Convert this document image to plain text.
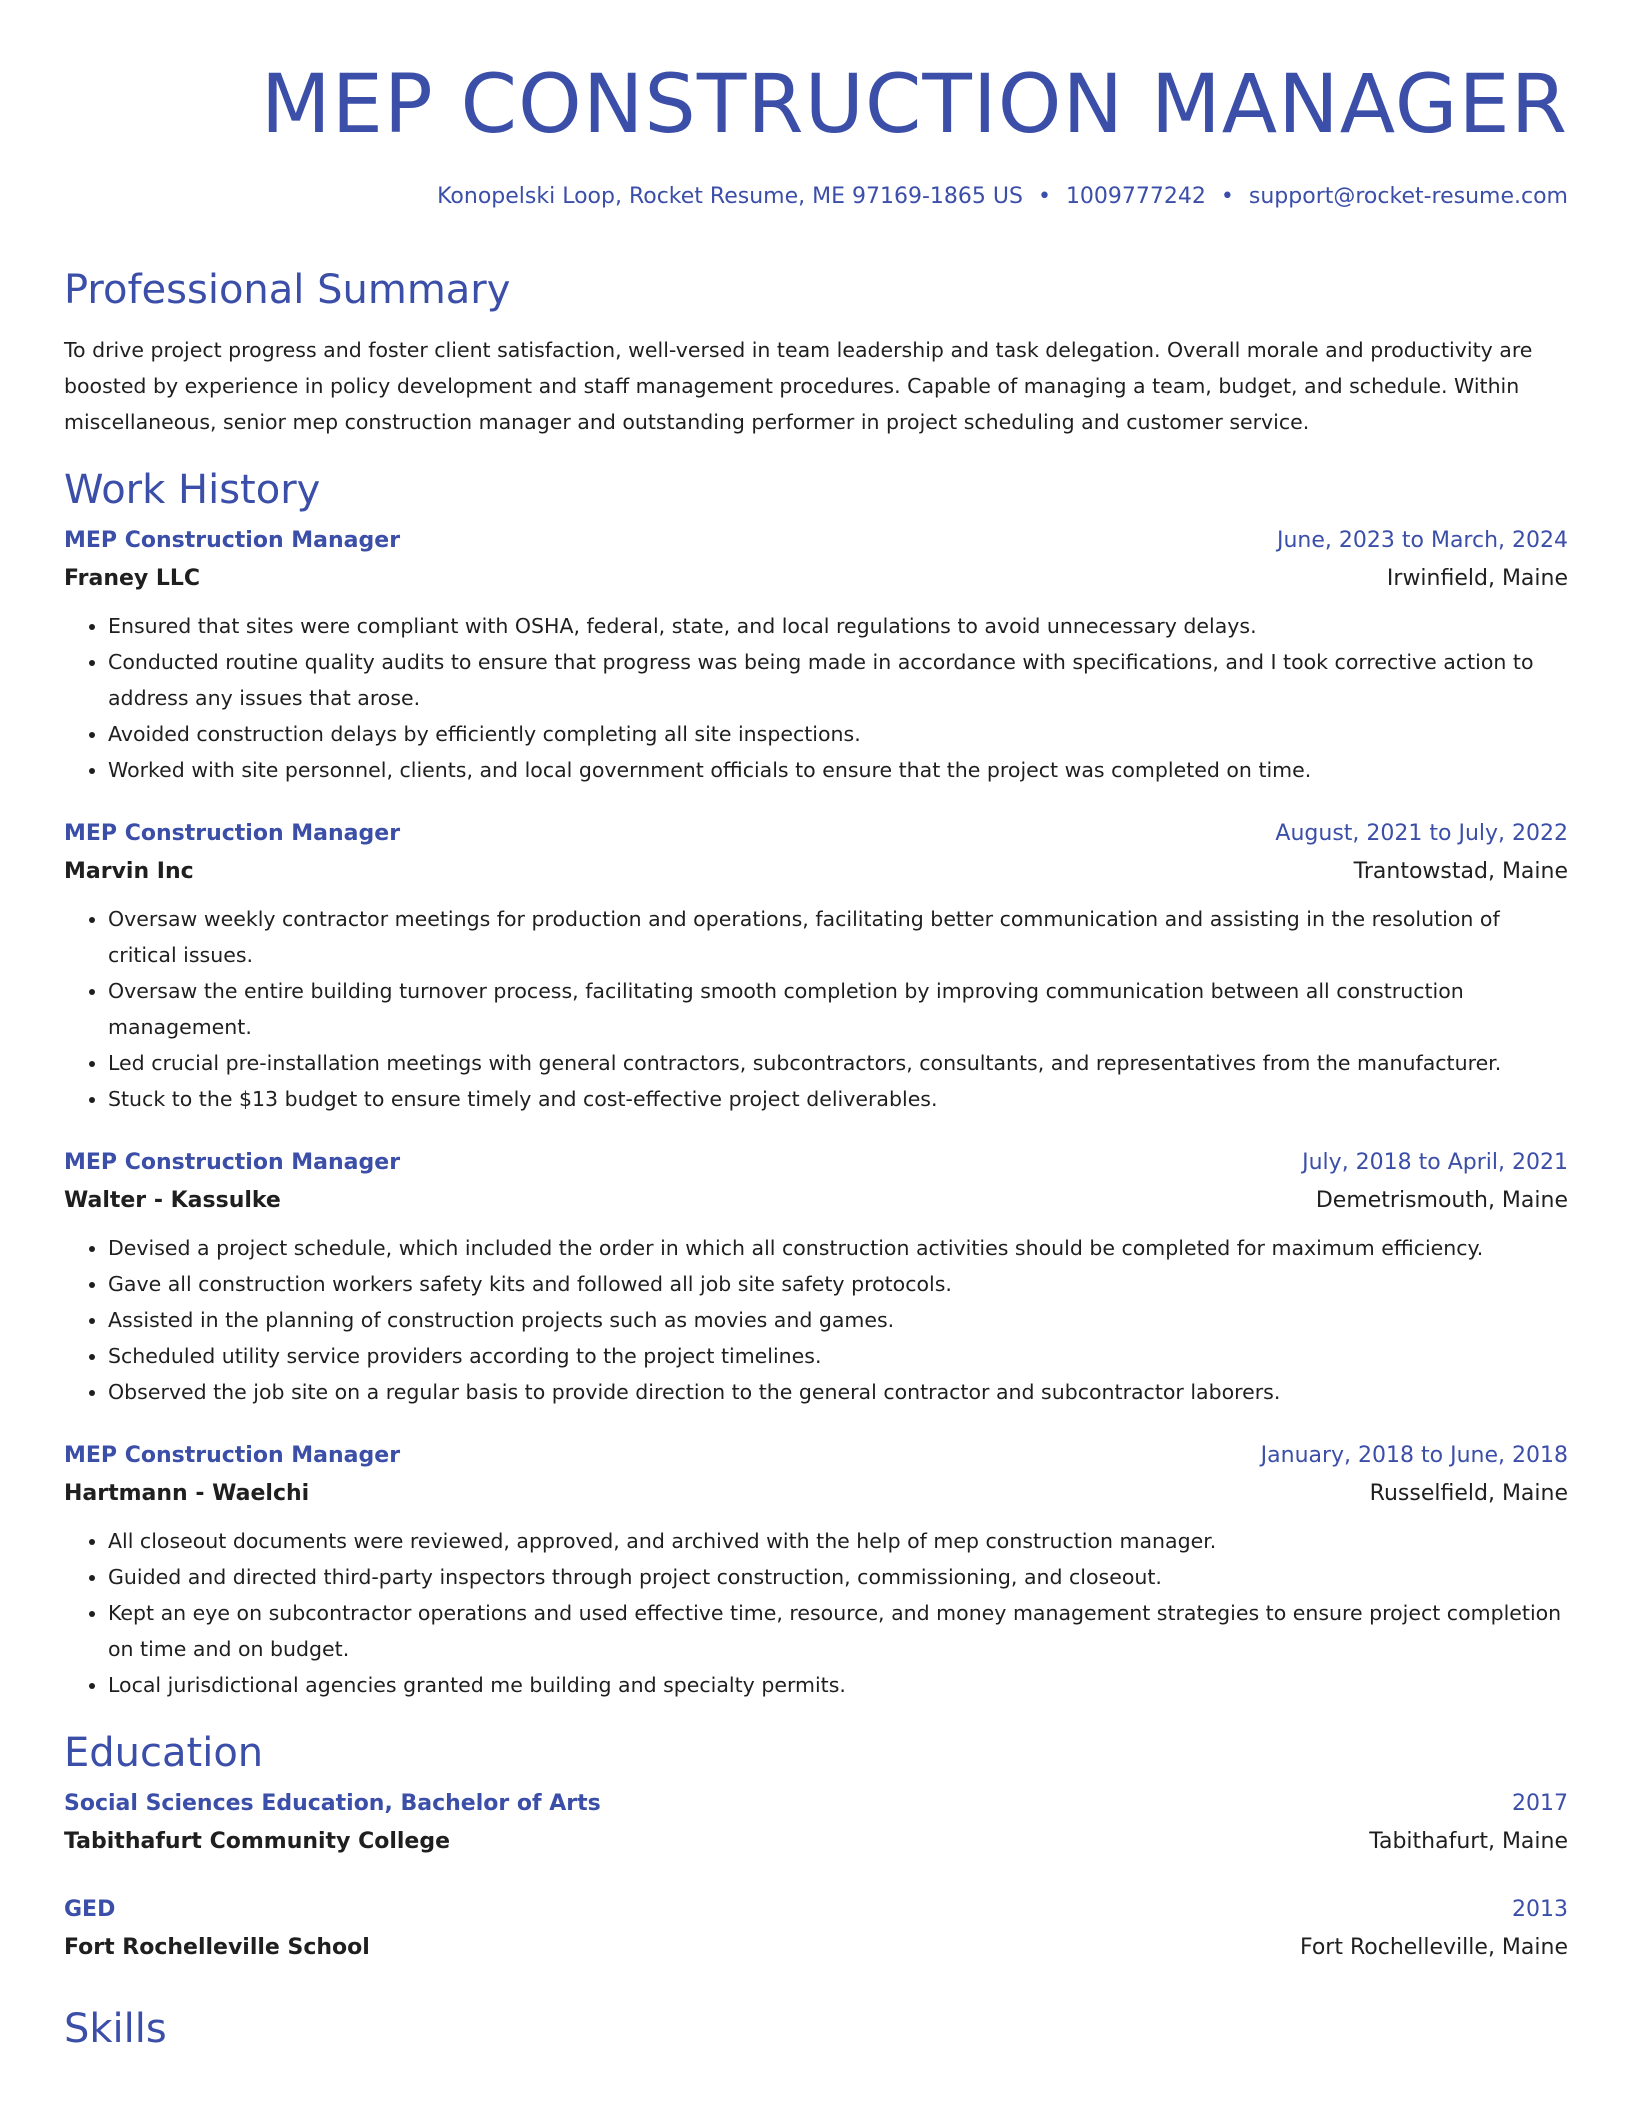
MEP CONSTRUCTION MANAGER
Konopelski Loop, Rocket Resume, ME 97169-1865 US • 1009777242 • support@rocket-resume.com
Professional Summary

To drive project progress and foster client satisfaction, well-versed in team leadership and task delegation. Overall morale and productivity are boosted by experience in policy development and staff management procedures. Capable of managing a team, budget, and schedule. Within miscellaneous, senior mep construction manager and outstanding performer in project scheduling and customer service.

Work History
MEP Construction Manager	June, 2023 to March, 2024
Franey LLC	Irwinfield, Maine
• Ensured that sites were compliant with OSHA, federal, state, and local regulations to avoid unnecessary delays.
• Conducted routine quality audits to ensure that progress was being made in accordance with specifications, and I took corrective action to address any issues that arose.
• Avoided construction delays by efficiently completing all site inspections.
• Worked with site personnel, clients, and local government officials to ensure that the project was completed on time.
MEP Construction Manager	August, 2021 to July, 2022
Marvin Inc	Trantowstad, Maine
• Oversaw weekly contractor meetings for production and operations, facilitating better communication and assisting in the resolution of critical issues.
• Oversaw the entire building turnover process, facilitating smooth completion by improving communication between all construction management.
• Led crucial pre-installation meetings with general contractors, subcontractors, consultants, and representatives from the manufacturer.
• Stuck to the $13 budget to ensure timely and cost-effective project deliverables.
MEP Construction Manager	July, 2018 to April, 2021
Walter - Kassulke	Demetrismouth, Maine
• Devised a project schedule, which included the order in which all construction activities should be completed for maximum efficiency.
• Gave all construction workers safety kits and followed all job site safety protocols.
• Assisted in the planning of construction projects such as movies and games.
• Scheduled utility service providers according to the project timelines.
• Observed the job site on a regular basis to provide direction to the general contractor and subcontractor laborers.
MEP Construction Manager	January, 2018 to June, 2018
Hartmann - Waelchi	Russelfield, Maine
• All closeout documents were reviewed, approved, and archived with the help of mep construction manager.
• Guided and directed third-party inspectors through project construction, commissioning, and closeout.
• Kept an eye on subcontractor operations and used effective time, resource, and money management strategies to ensure project completion on time and on budget.
• Local jurisdictional agencies granted me building and specialty permits.
Education
Social Sciences Education, Bachelor of Arts	2017
Tabithafurt Community College	Tabithafurt, Maine
GED	2013
Fort Rochelleville School	Fort Rochelleville, Maine
Skills
